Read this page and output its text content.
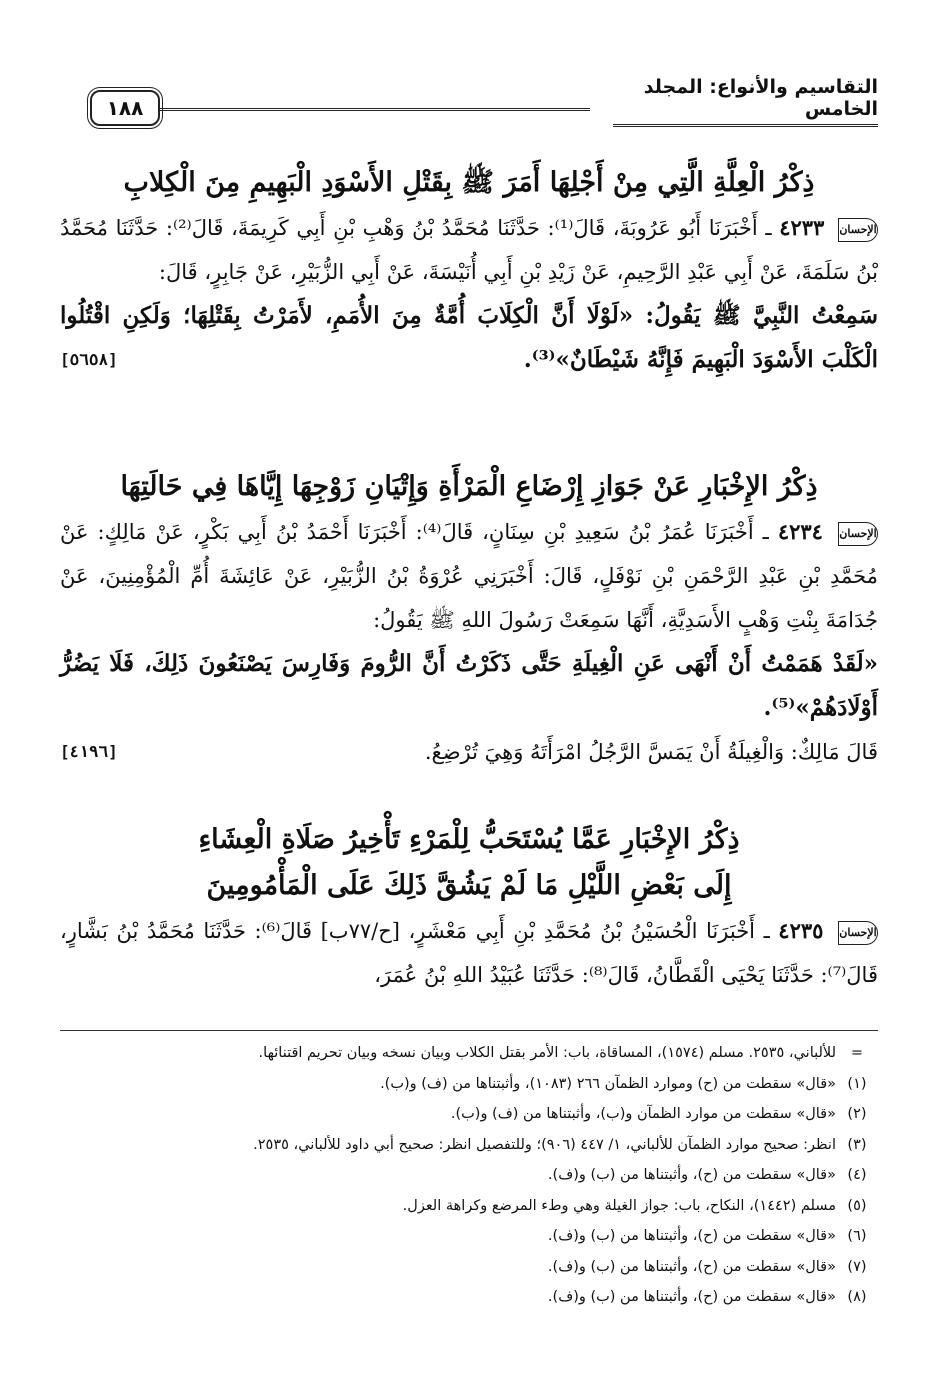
التقاسيم والأنواع: المجلد الخامس
١٨٨
ذِكْرُ الْعِلَّةِ الَّتِي مِنْ أَجْلِهَا أَمَرَ ﷺ بِقَتْلِ الأَسْوَدِ الْبَهِيمِ مِنَ الْكِلابِ

الإحسان ٤٢٣٣ ـ أَخْبَرَنَا أَبُو عَرُوبَةَ، قَالَ⁽¹⁾: حَدَّثَنَا مُحَمَّدُ بْنُ وَهْبِ بْنِ أَبِي كَرِيمَةَ، قَالَ⁽²⁾: حَدَّثَنَا مُحَمَّدُ بْنُ سَلَمَةَ، عَنْ أَبِي عَبْدِ الرَّحِيمِ، عَنْ زَيْدِ بْنِ أَبِي أُنَيْسَةَ، عَنْ أَبِي الزُّبَيْرِ، عَنْ جَابِرٍ، قَالَ:

سَمِعْتُ النَّبِيَّ ﷺ يَقُولُ: «لَوْلَا أَنَّ الْكِلَابَ أُمَّةٌ مِنَ الأُمَمِ، لأَمَرْتُ بِقَتْلِهَا؛ وَلَكِنِ اقْتُلُوا الْكَلْبَ الأَسْوَدَ الْبَهِيمَ فَإِنَّهُ شَيْطَانٌ»⁽³⁾.
[٥٦٥٨]

ذِكْرُ الإِخْبَارِ عَنْ جَوَازِ إِرْضَاعِ الْمَرْأَةِ وَإِتْيَانِ زَوْجِهَا إِيَّاهَا فِي حَالَتِهَا

الإحسان ٤٢٣٤ ـ أَخْبَرَنَا عُمَرُ بْنُ سَعِيدِ بْنِ سِنَانٍ، قَالَ⁽⁴⁾: أَخْبَرَنَا أَحْمَدُ بْنُ أَبِي بَكْرٍ، عَنْ مَالِكٍ: عَنْ مُحَمَّدِ بْنِ عَبْدِ الرَّحْمَنِ بْنِ نَوْفَلٍ، قَالَ: أَخْبَرَنِي عُرْوَةُ بْنُ الزُّبَيْرِ، عَنْ عَائِشَةَ أُمِّ الْمُؤْمِنِينَ، عَنْ جُدَامَةَ بِنْتِ وَهْبٍ الأَسَدِيَّةِ، أَنَّهَا سَمِعَتْ رَسُولَ اللهِ ﷺ يَقُولُ:

«لَقَدْ هَمَمْتُ أَنْ أَنْهَى عَنِ الْغِيلَةِ حَتَّى ذَكَرْتُ أَنَّ الرُّومَ وَفَارِسَ يَصْنَعُونَ ذَلِكَ، فَلَا يَضُرُّ أَوْلَادَهُمْ»⁽⁵⁾.

قَالَ مَالِكٌ: وَالْغِيلَةُ أَنْ يَمَسَّ الرَّجُلُ امْرَأَتَهُ وَهِيَ تُرْضِعُ.
[٤١٩٦]

ذِكْرُ الإِخْبَارِ عَمَّا يُسْتَحَبُّ لِلْمَرْءِ تَأْخِيرُ صَلَاةِ الْعِشَاءِ
إِلَى بَعْضِ اللَّيْلِ مَا لَمْ يَشُقَّ ذَلِكَ عَلَى الْمَأْمُومِينَ

الإحسان ٤٢٣٥ ـ أَخْبَرَنَا الْحُسَيْنُ بْنُ مُحَمَّدِ بْنِ أَبِي مَعْشَرٍ، [ح/٧٧ب] قَالَ⁽⁶⁾: حَدَّثَنَا مُحَمَّدُ بْنُ بَشَّارٍ، قَالَ⁽⁷⁾: حَدَّثَنَا يَحْيَى الْقَطَّانُ، قَالَ⁽⁸⁾: حَدَّثَنَا عُبَيْدُ اللهِ بْنُ عُمَرَ،

=
للألباني، ٢٥٣٥. مسلم (١٥٧٤)، المساقاة، باب: الأمر بقتل الكلاب وبيان نسخه وبيان تحريم اقتنائها.
(١)
«قال» سقطت من (ح) وموارد الظمآن ٢٦٦ (١٠٨٣)، وأثبتناها من (ف) و(ب).
(٢)
«قال» سقطت من موارد الظمآن و(ب)، وأثبتناها من (ف) و(ب).
(٣)
انظر: صحيح موارد الظمآن للألباني، ١/ ٤٤٧ (٩٠٦)؛ وللتفصيل انظر: صحيح أبي داود للألباني، ٢٥٣٥.
(٤)
«قال» سقطت من (ح)، وأثبتناها من (ب) و(ف).
(٥)
مسلم (١٤٤٢)، النكاح، باب: جواز الغيلة وهي وطء المرضع وكراهة العزل.
(٦)
«قال» سقطت من (ح)، وأثبتناها من (ب) و(ف).
(٧)
«قال» سقطت من (ح)، وأثبتناها من (ب) و(ف).
(٨)
«قال» سقطت من (ح)، وأثبتناها من (ب) و(ف).
